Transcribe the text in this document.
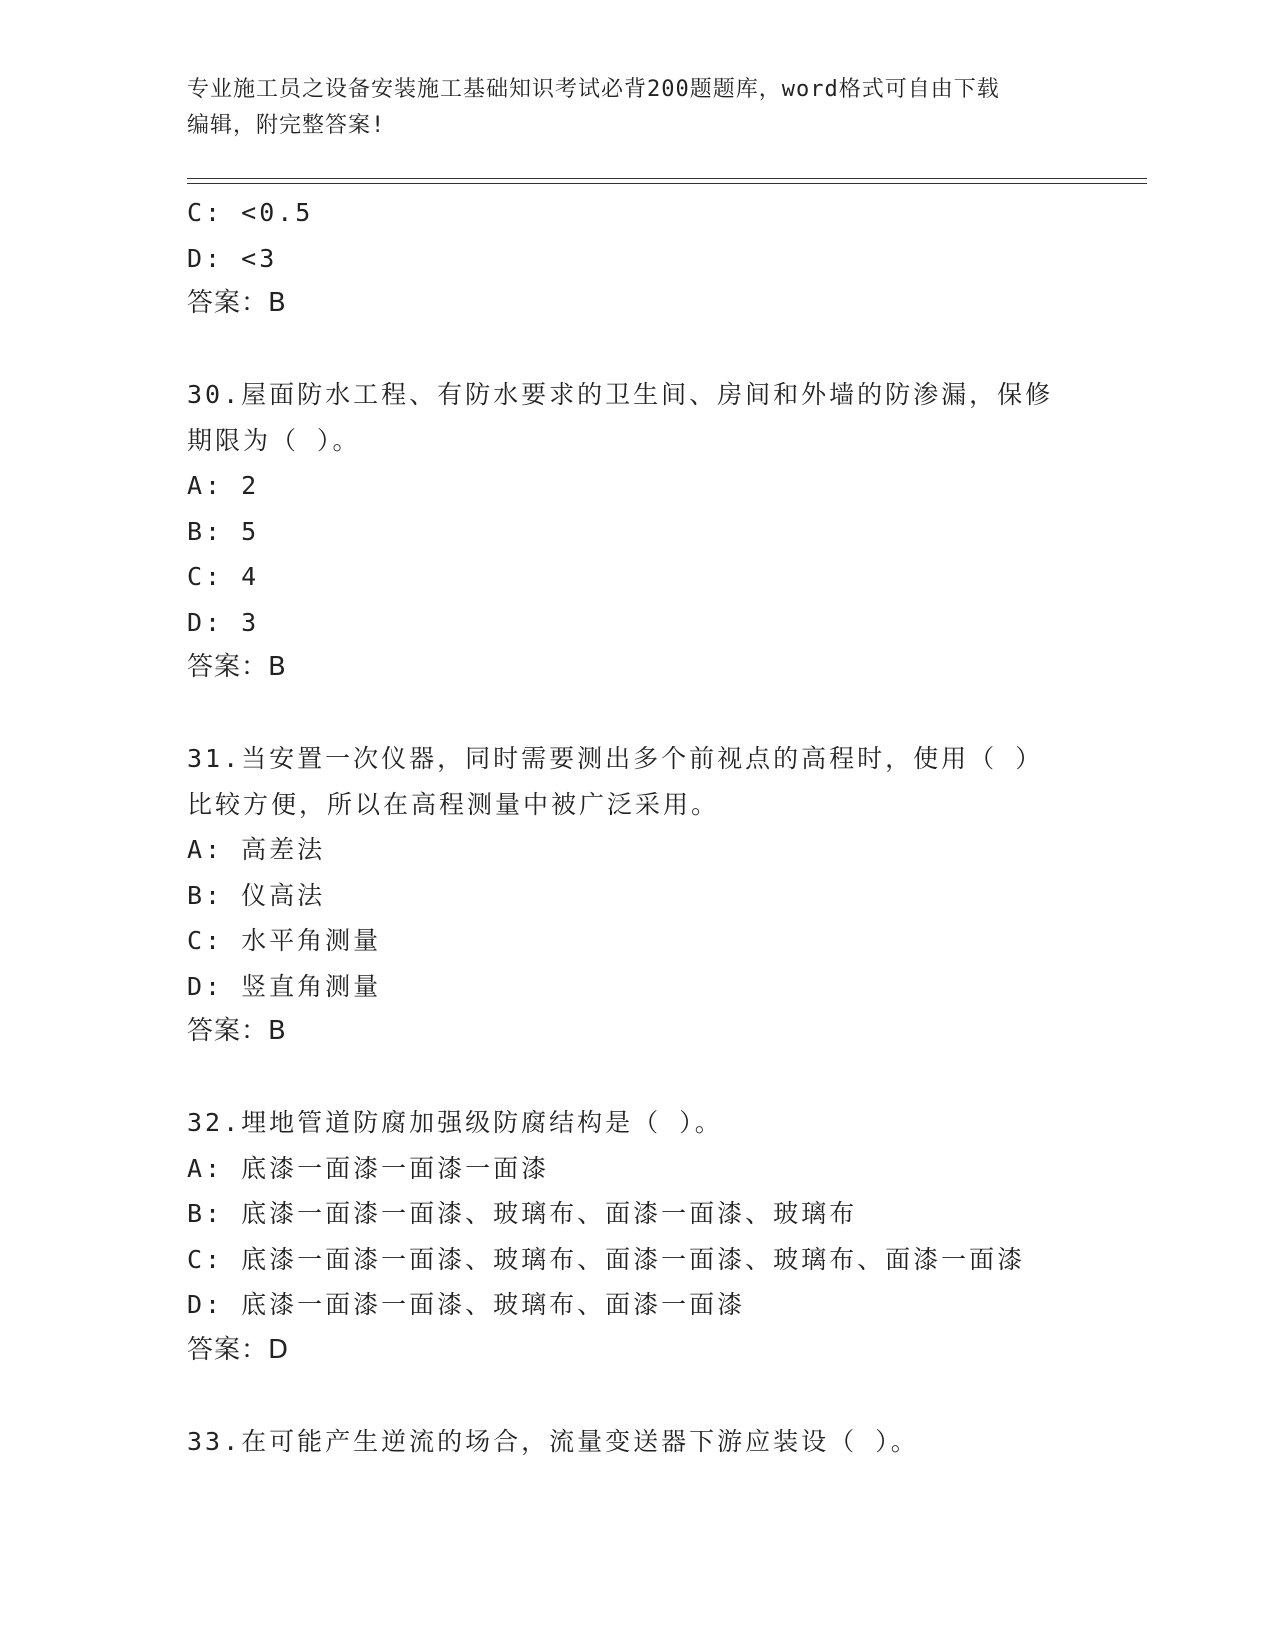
专业施工员之设备安装施工基础知识考试必背200题题库，word格式可自由下载
编辑，附完整答案!
C: <0.5
D: <3
答案：B
30.屋面防水工程、有防水要求的卫生间、房间和外墙的防渗漏，保修
期限为（ ）。
A: 2
B: 5
C: 4
D: 3
答案：B
31.当安置一次仪器，同时需要测出多个前视点的高程时，使用（ ）
比较方便，所以在高程测量中被广泛采用。
A: 高差法
B: 仪高法
C: 水平角测量
D: 竖直角测量
答案：B
32.埋地管道防腐加强级防腐结构是（ ）。
A: 底漆一面漆一面漆一面漆
B: 底漆一面漆一面漆、玻璃布、面漆一面漆、玻璃布
C: 底漆一面漆一面漆、玻璃布、面漆一面漆、玻璃布、面漆一面漆
D: 底漆一面漆一面漆、玻璃布、面漆一面漆
答案：D
33.在可能产生逆流的场合，流量变送器下游应装设（ ）。
